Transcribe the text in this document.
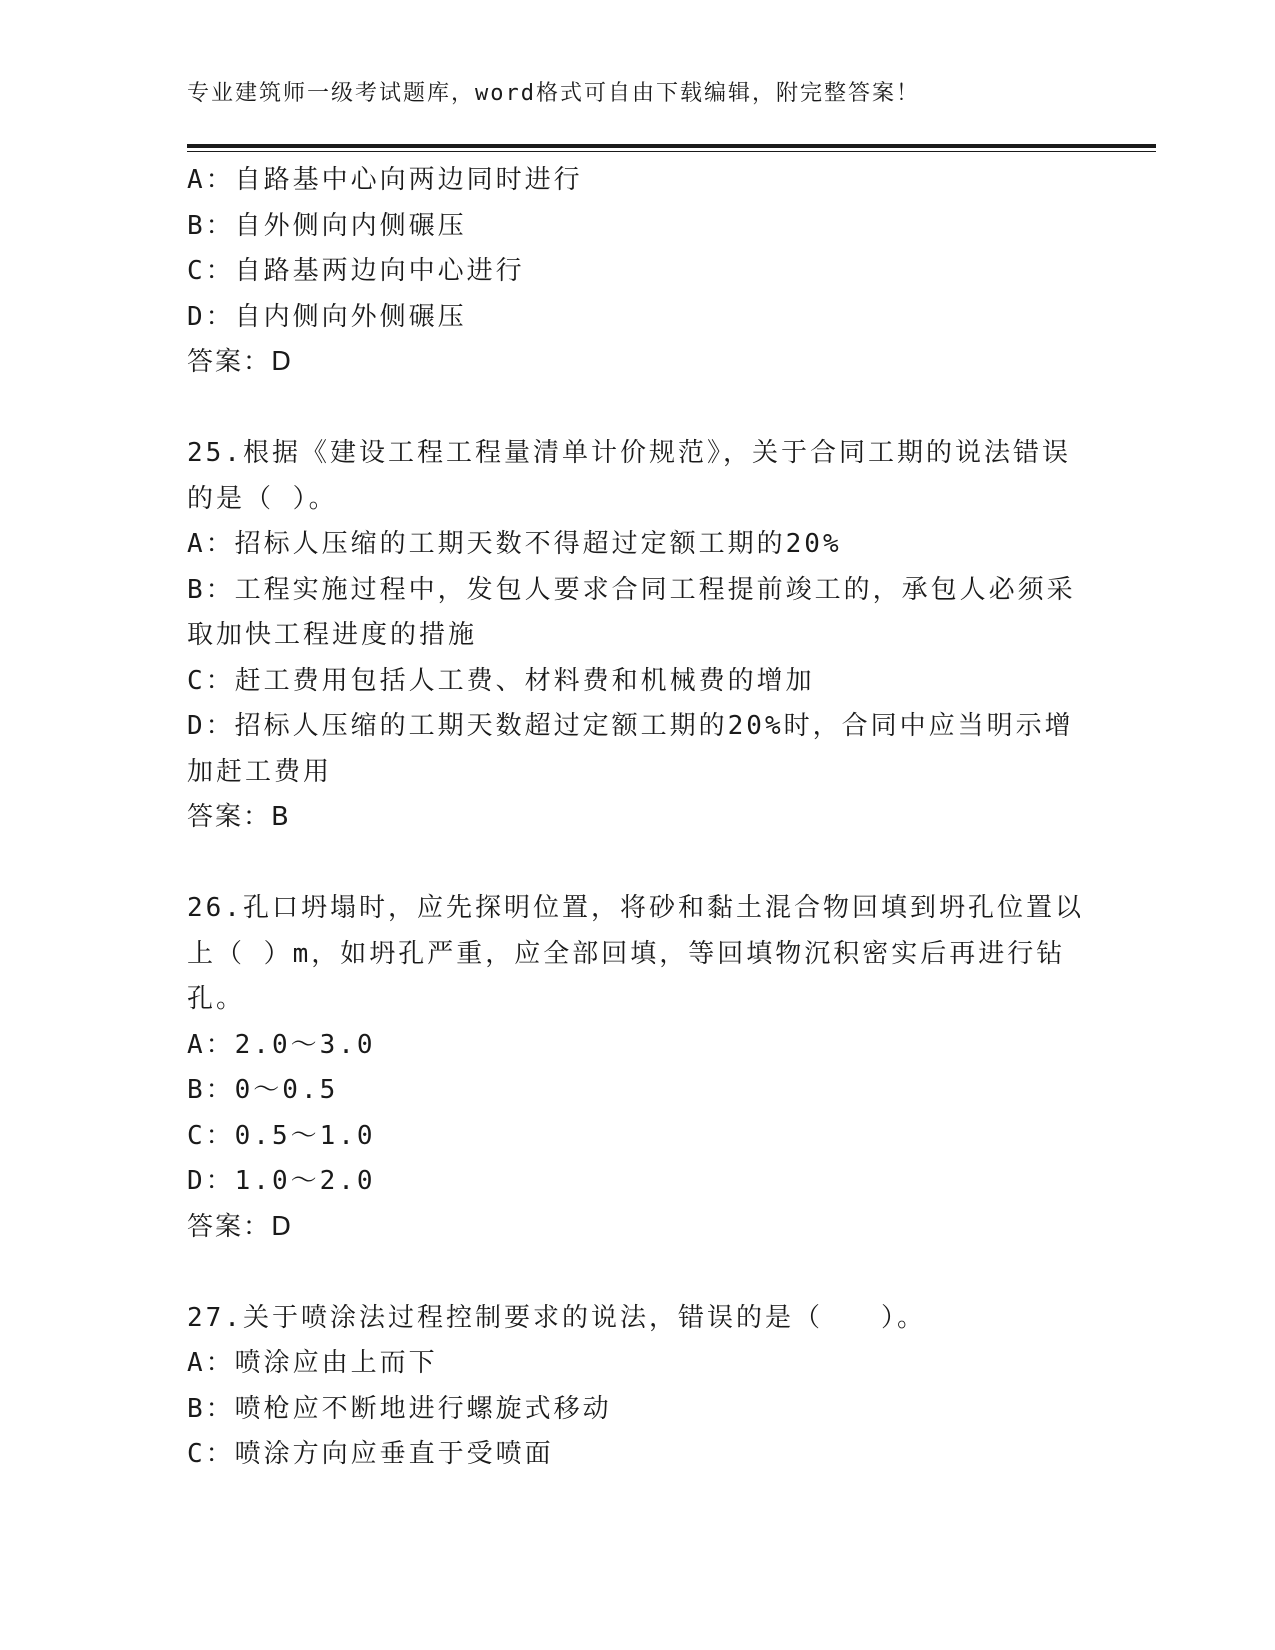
专业建筑师一级考试题库，word格式可自由下载编辑，附完整答案！
A：自路基中心向两边同时进行
B：自外侧向内侧碾压
C：自路基两边向中心进行
D：自内侧向外侧碾压
答案：D
25.根据《建设工程工程量清单计价规范》，关于合同工期的说法错误
的是（ ）。
A：招标人压缩的工期天数不得超过定额工期的20%
B：工程实施过程中，发包人要求合同工程提前竣工的，承包人必须采
取加快工程进度的措施
C：赶工费用包括人工费、材料费和机械费的增加
D：招标人压缩的工期天数超过定额工期的20%时，合同中应当明示增
加赶工费用
答案：B
26.孔口坍塌时，应先探明位置，将砂和黏土混合物回填到坍孔位置以
上（ ）m，如坍孔严重，应全部回填，等回填物沉积密实后再进行钻
孔。
A：2.0～3.0
B：0～0.5
C：0.5～1.0
D：1.0～2.0
答案：D
27.关于喷涂法过程控制要求的说法，错误的是（　　）。
A：喷涂应由上而下
B：喷枪应不断地进行螺旋式移动
C：喷涂方向应垂直于受喷面
